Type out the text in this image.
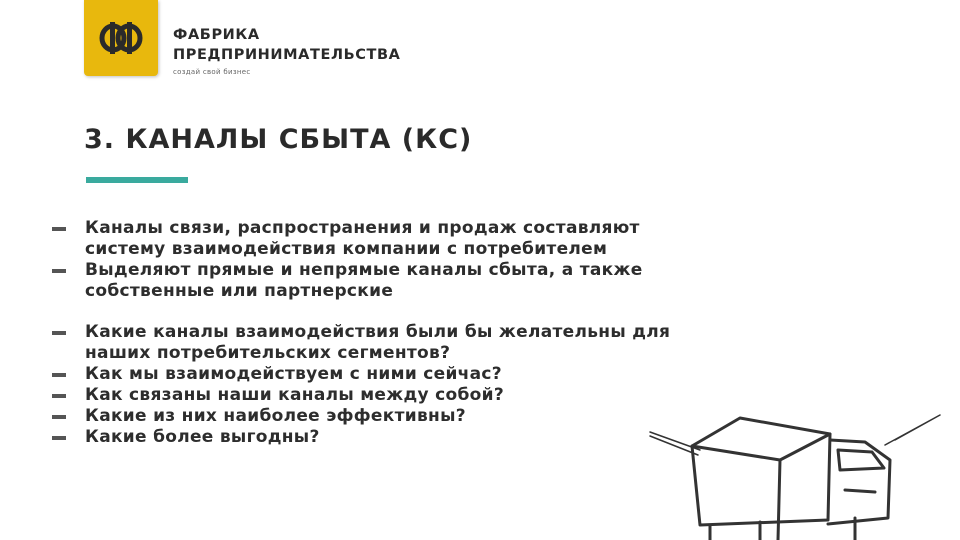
ФАБРИКА
ПРЕДПРИНИМАТЕЛЬСТВА
создай свой бизнес
3. КАНАЛЫ СБЫТА (КС)
Каналы связи, распространения и продаж составляют систему взаимодействия компании с потребителем
Выделяют прямые и непрямые каналы сбыта, а также собственные или партнерские
Какие каналы взаимодействия были бы желательны для наших потребительских сегментов?
Как мы взаимодействуем с ними сейчас?
Как связаны наши каналы между собой?
Какие из них наиболее эффективны?
Какие более выгодны?
